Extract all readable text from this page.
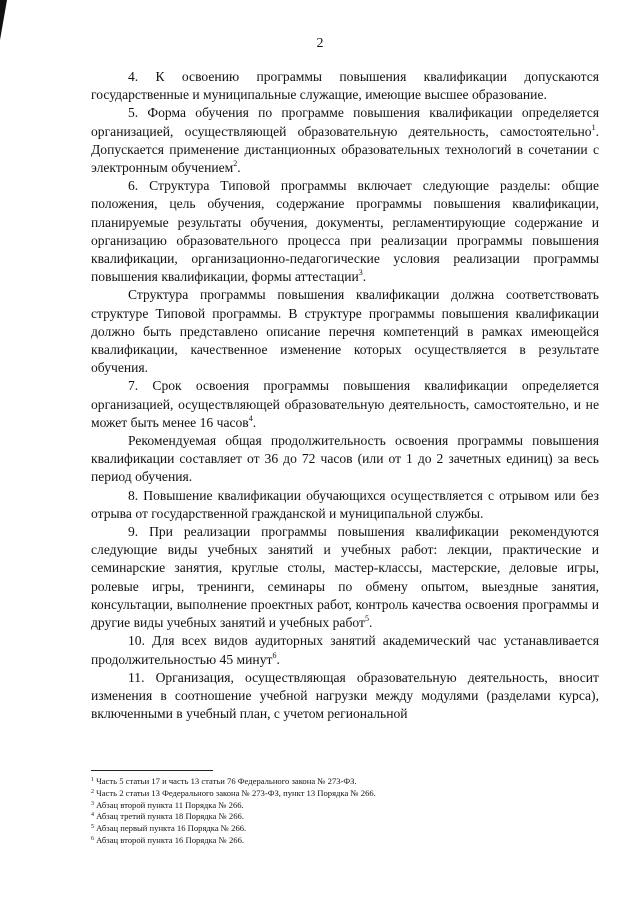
2

4. К освоению программы повышения квалификации допускаются государственные и муниципальные служащие, имеющие высшее образование.

5. Форма обучения по программе повышения квалификации определяется организацией, осуществляющей образовательную деятельность, самостоятельно$^1$. Допускается применение дистанционных образовательных технологий в сочетании с электронным обучением$^2$.

6. Структура Типовой программы включает следующие разделы: общие положения, цель обучения, содержание программы повышения квалификации, планируемые результаты обучения, документы, регламентирующие содержание и организацию образовательного процесса при реализации программы повышения квалификации, организационно-педагогические условия реализации программы повышения квалификации, формы аттестации$^3$.

Структура программы повышения квалификации должна соответствовать структуре Типовой программы. В структуре программы повышения квалификации должно быть представлено описание перечня компетенций в рамках имеющейся квалификации, качественное изменение которых осуществляется в результате обучения.

7. Срок освоения программы повышения квалификации определяется организацией, осуществляющей образовательную деятельность, самостоятельно, и не может быть менее 16 часов$^4$.

Рекомендуемая общая продолжительность освоения программы повышения квалификации составляет от 36 до 72 часов (или от 1 до 2 зачетных единиц) за весь период обучения.

8. Повышение квалификации обучающихся осуществляется с отрывом или без отрыва от государственной гражданской и муниципальной службы.

9. При реализации программы повышения квалификации рекомендуются следующие виды учебных занятий и учебных работ: лекции, практические и семинарские занятия, круглые столы, мастер-классы, мастерские, деловые игры, ролевые игры, тренинги, семинары по обмену опытом, выездные занятия, консультации, выполнение проектных работ, контроль качества освоения программы и другие виды учебных занятий и учебных работ$^5$.

10. Для всех видов аудиторных занятий академический час устанавливается продолжительностью 45 минут$^6$.

11. Организация, осуществляющая образовательную деятельность, вносит изменения в соотношение учебной нагрузки между модулями (разделами курса), включенными в учебный план, с учетом региональной

$^1$ Часть 5 статьи 17 и часть 13 статьи 76 Федерального закона № 273-ФЗ.

$^2$ Часть 2 статьи 13 Федерального закона № 273-ФЗ, пункт 13 Порядка № 266.

$^3$ Абзац второй пункта 11 Порядка № 266.

$^4$ Абзац третий пункта 18 Порядка № 266.

$^5$ Абзац первый пункта 16 Порядка № 266.

$^6$ Абзац второй пункта 16 Порядка № 266.
